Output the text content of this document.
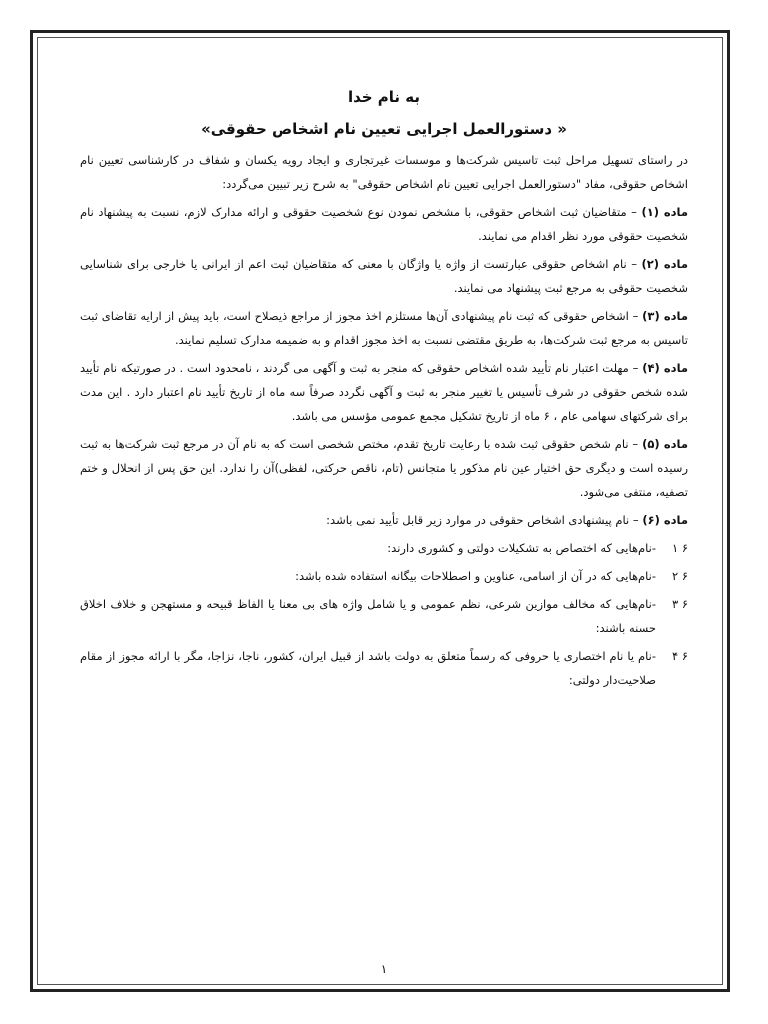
به نام خدا
« دستورالعمل اجرایی تعیین نام اشخاص حقوقی»

در راستای تسهیل مراحل ثبت تاسیس شرکت‌ها و موسسات غیرتجاری و ایجاد رویه یکسان و شفاف در کارشناسی تعیین نام اشخاص حقوقی، مفاد "دستورالعمل اجرایی تعیین نام اشخاص حقوقی" به شرح زیر تبیین می‌گردد:

ماده (۱) – متقاضیان ثبت اشخاص حقوقی، با مشخص نمودن نوع شخصیت حقوقی و ارائه مدارک لازم، نسبت به پیشنهاد نام شخصیت حقوقی مورد نظر اقدام می نمایند.

ماده (۲) – نام اشخاص حقوقی عبارتست از واژه یا واژگان با معنی که متقاضیان ثبت اعم از ایرانی یا خارجی برای شناسایی شخصیت حقوقی به مرجع ثبت پیشنهاد می نمایند.

ماده (۳) – اشخاص حقوقی که ثبت نام پیشنهادی آن‌ها مستلزم اخذ مجوز از مراجع ذیصلاح است، باید پیش از ارایه تقاضای ثبت تاسیس به مرجع ثبت شرکت‌ها، به طریق مقتضی نسبت به اخذ مجوز اقدام و به ضمیمه مدارک تسلیم نمایند.

ماده (۴) – مهلت اعتبار نام تأیید شده اشخاص حقوقی که منجر به ثبت و آگهی می گردند ، نامحدود است . در صورتیکه نام تأیید شده شخص حقوقی در شرف تأسیس یا تغییر منجر به ثبت و آگهی نگردد صرفاً سه ماه از تاریخ تأیید نام اعتبار دارد . این مدت برای شرکتهای سهامی عام ، ۶ ماه از تاریخ تشکیل مجمع عمومی مؤسس می باشد.

ماده (۵) – نام شخص حقوقی ثبت شده با رعایت تاریخ تقدم، مختص شخصی است که به نام آن در مرجع ثبت شرکت‌ها به ثبت رسیده است و دیگری حق اختیار عین نام مذکور یا متجانس (تام، ناقص حرکتی، لفظی)آن را ندارد. این حق پس از انحلال و ختم تصفیه، منتفی می‌شود.

ماده (۶) – نام پیشنهادی اشخاص حقوقی در موارد زیر قابل تأیید نمی باشد:

۶ ۱
-نام‌هایی که اختصاص به تشکیلات دولتی و کشوری دارند:
۶ ۲
-نام‌هایی که در آن از اسامی، عناوین و اصطلاحات بیگانه استفاده شده باشد:
۶ ۳
-نام‌هایی که مخالف موازین شرعی، نظم عمومی و یا شامل واژه های بی معنا یا الفاظ قبیحه و مستهجن و خلاف اخلاق حسنه باشند:
۶ ۴
-نام یا نام اختصاری یا حروفی که رسماً متعلق به دولت باشد از قبیل ایران، کشور، ناجا، نزاجا، مگر با ارائه مجوز از مقام صلاحیت‌دار دولتی:
۱
